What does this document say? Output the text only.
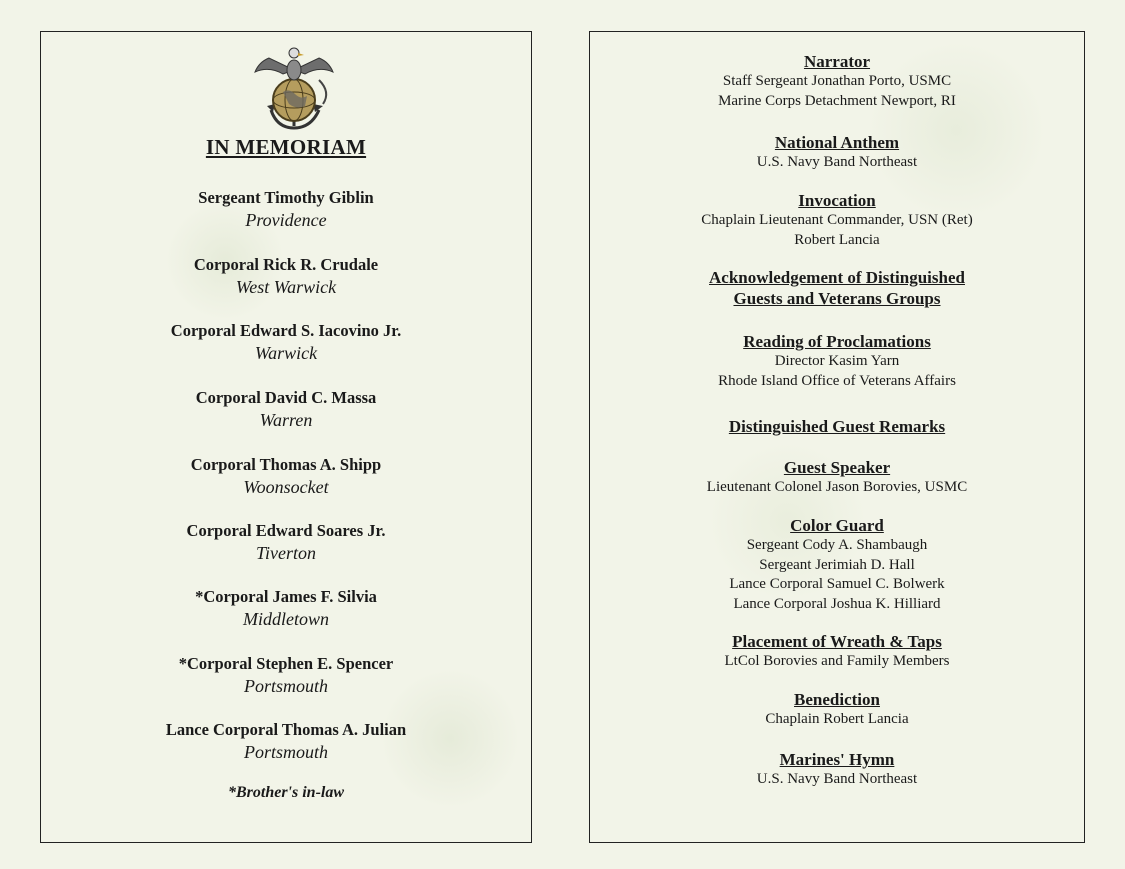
IN MEMORIAM
Sergeant Timothy Giblin
Providence
Corporal Rick R. Crudale
West Warwick
Corporal Edward S. Iacovino Jr.
Warwick
Corporal David C. Massa
Warren
Corporal Thomas A. Shipp
Woonsocket
Corporal Edward Soares Jr.
Tiverton
*Corporal James F. Silvia
Middletown
*Corporal Stephen E. Spencer
Portsmouth
Lance Corporal Thomas A. Julian
Portsmouth
*Brother's in-law
Narrator
Staff Sergeant Jonathan Porto, USMC
Marine Corps Detachment Newport, RI
National Anthem
U.S. Navy Band Northeast
Invocation
Chaplain Lieutenant Commander, USN (Ret)
Robert Lancia
Acknowledgement of Distinguished
Guests and Veterans Groups
Reading of Proclamations
Director Kasim Yarn
Rhode Island Office of Veterans Affairs
Distinguished Guest Remarks
Guest Speaker
Lieutenant Colonel Jason Borovies, USMC
Color Guard
Sergeant Cody A. Shambaugh
Sergeant Jerimiah D. Hall
Lance Corporal Samuel C. Bolwerk
Lance Corporal Joshua K. Hilliard
Placement of Wreath & Taps
LtCol Borovies and Family Members
Benediction
Chaplain Robert Lancia
Marines' Hymn
U.S. Navy Band Northeast
